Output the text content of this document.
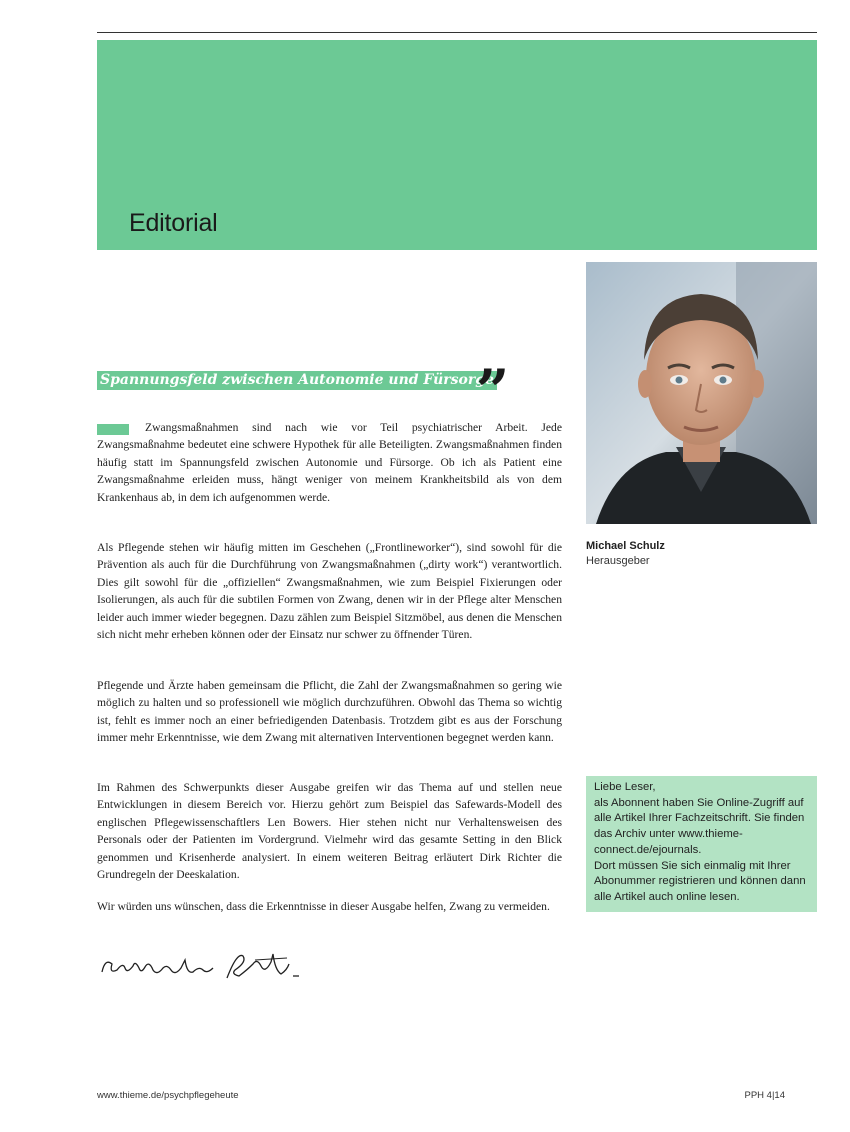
Editorial
Michael Schulz
Herausgeber
Spannungsfeld zwischen Autonomie und Fürsorge
”

Zwangsmaßnahmen sind nach wie vor Teil psychiatrischer Arbeit. Jede Zwangsmaßnahme bedeutet eine schwere Hypothek für alle Beteiligten. Zwangsmaßnahmen finden häufig statt im Spannungsfeld zwischen Autonomie und Fürsorge. Ob ich als Patient eine Zwangsmaßnahme erleiden muss, hängt weniger von meinem Krankheitsbild als von dem Krankenhaus ab, in dem ich aufgenommen werde.

Als Pflegende stehen wir häufig mitten im Geschehen („Frontlineworker“), sind sowohl für die Prävention als auch für die Durchführung von Zwangsmaßnahmen („dirty work“) verantwortlich. Dies gilt sowohl für die „offiziellen“ Zwangsmaßnahmen, wie zum Beispiel Fixierungen oder Isolierungen, als auch für die subtilen Formen von Zwang, denen wir in der Pflege alter Menschen leider auch immer wieder begegnen. Dazu zählen zum Beispiel Sitzmöbel, aus denen die Menschen sich nicht mehr erheben können oder der Einsatz nur schwer zu öffnender Türen.

Pflegende und Ärzte haben gemeinsam die Pflicht, die Zahl der Zwangsmaßnahmen so gering wie möglich zu halten und so professionell wie möglich durchzuführen. Obwohl das Thema so wichtig ist, fehlt es immer noch an einer befriedigenden Datenbasis. Trotzdem gibt es aus der Forschung immer mehr Erkenntnisse, wie dem Zwang mit alternativen Interventionen begegnet werden kann.

Im Rahmen des Schwerpunkts dieser Ausgabe greifen wir das Thema auf und stellen neue Entwicklungen in diesem Bereich vor. Hierzu gehört zum Beispiel das Safewards-Modell des englischen Pflegewissenschaftlers Len Bowers. Hier stehen nicht nur Verhaltensweisen des Personals oder der Patienten im Vordergrund. Vielmehr wird das gesamte Setting in den Blick genommen und Krisenherde analysiert. In einem weiteren Beitrag erläutert Dirk Richter die Grundregeln der Deeskalation.

Wir würden uns wünschen, dass die Erkenntnisse in dieser Ausgabe helfen, Zwang zu vermeiden.

Liebe Leser,
als Abonnent haben Sie Online-Zugriff auf alle Artikel Ihrer Fachzeitschrift. Sie finden das Archiv unter www.thieme-connect.de/ejournals.
Dort müssen Sie sich einmalig mit Ihrer Abonummer registrieren und können dann alle Artikel auch online lesen.
www.thieme.de/psychpflegeheute	PPH 4|14
